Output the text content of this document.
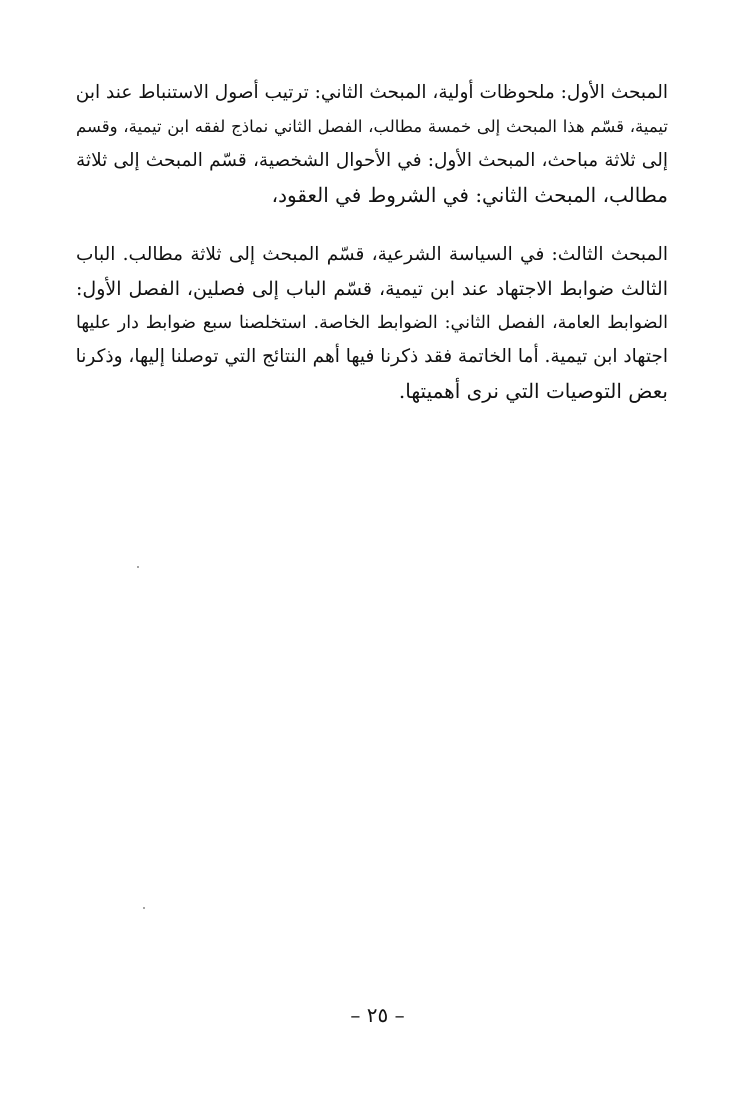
المبحث الأول: ملحوظات أولية، المبحث الثاني: ترتيب أصول الاستنباط عند ابن
تيمية، قسّم هذا المبحث إلى خمسة مطالب، الفصل الثاني نماذج لفقه ابن تيمية، وقسم
إلى ثلاثة مباحث، المبحث الأول: في الأحوال الشخصية، قسّم المبحث إلى ثلاثة
مطالب، المبحث الثاني: في الشروط في العقود،
المبحث الثالث: في السياسة الشرعية، قسّم المبحث إلى ثلاثة مطالب. الباب
الثالث ضوابط الاجتهاد عند ابن تيمية، قسّم الباب إلى فصلين، الفصل الأول:
الضوابط العامة، الفصل الثاني: الضوابط الخاصة. استخلصنا سبع ضوابط دار عليها
اجتهاد ابن تيمية. أما الخاتمة فقد ذكرنا فيها أهم النتائج التي توصلنا إليها، وذكرنا
بعض التوصيات التي نرى أهميتها.
– ٢٥ –
